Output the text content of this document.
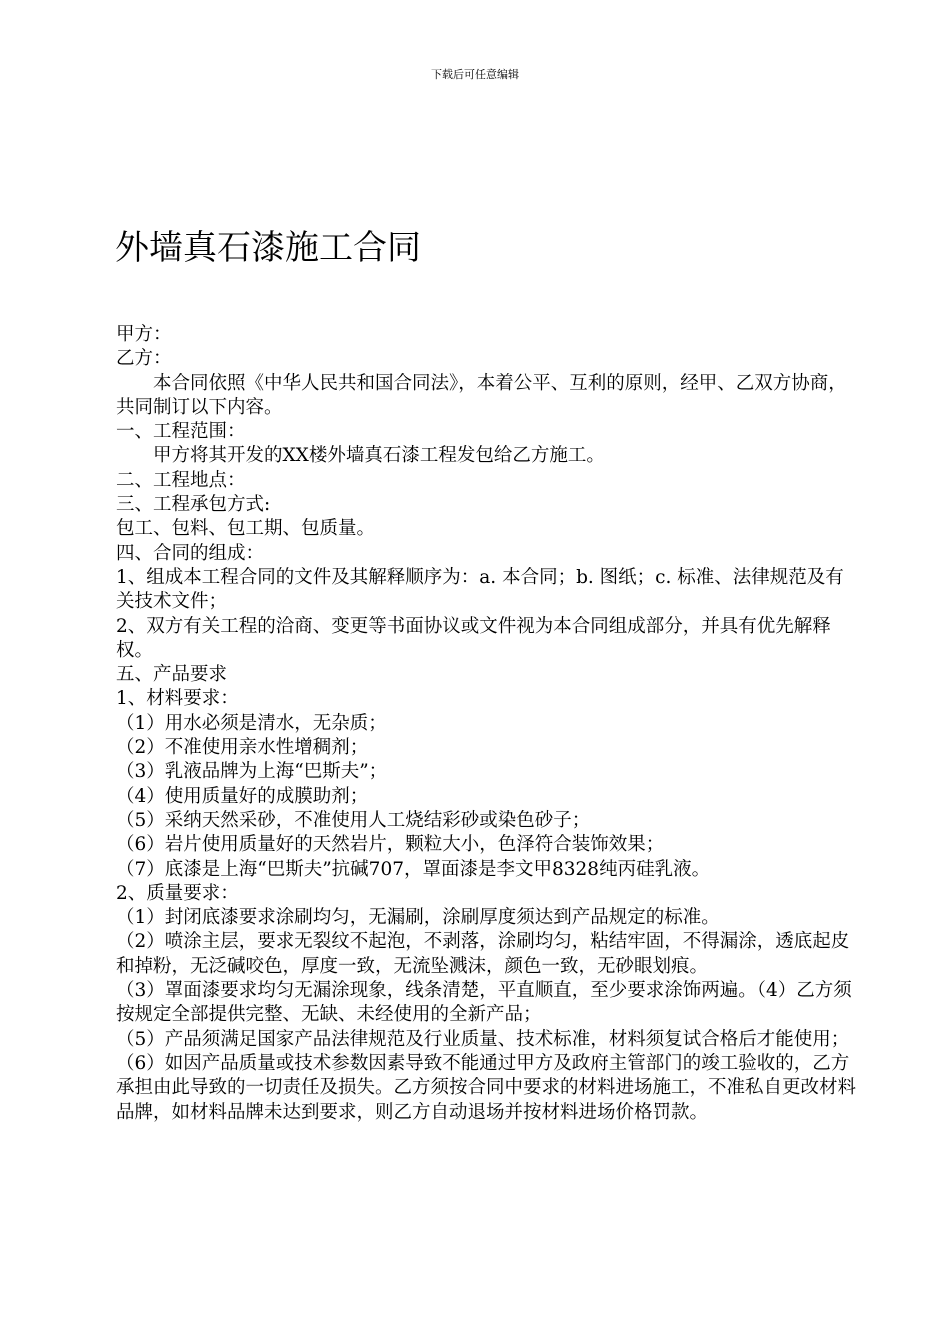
下载后可任意编辑
外墙真石漆施工合同

甲方：

乙方：

本合同依照《中华人民共和国合同法》，本着公平、互利的原则，经甲、乙双方协商，共同制订以下内容。

一、工程范围：

甲方将其开发的XX楼外墙真石漆工程发包给乙方施工。

二、工程地点：

三、工程承包方式:

包工、包料、包工期、包质量。

四、合同的组成：

1、组成本工程合同的文件及其解释顺序为：a. 本合同；b. 图纸；c. 标准、法律规范及有关技术文件；

2、双方有关工程的洽商、变更等书面协议或文件视为本合同组成部分，并具有优先解释权。

五、产品要求

1、材料要求：

（1）用水必须是清水，无杂质；

（2）不准使用亲水性增稠剂；

（3）乳液品牌为上海“巴斯夫”；

（4）使用质量好的成膜助剂；

（5）采纳天然采砂，不准使用人工烧结彩砂或染色砂子；

（6）岩片使用质量好的天然岩片，颗粒大小，色泽符合装饰效果；

（7）底漆是上海“巴斯夫”抗碱707，罩面漆是李文甲8328纯丙硅乳液。

2、质量要求：

（1）封闭底漆要求涂刷均匀，无漏刷，涂刷厚度须达到产品规定的标准。

（2）喷涂主层，要求无裂纹不起泡，不剥落，涂刷均匀，粘结牢固，不得漏涂，透底起皮和掉粉，无泛碱咬色，厚度一致，无流坠溅沫，颜色一致，无砂眼划痕。

（3）罩面漆要求均匀无漏涂现象，线条清楚，平直顺直，至少要求涂饰两遍。（4）乙方须按规定全部提供完整、无缺、未经使用的全新产品；

（5）产品须满足国家产品法律规范及行业质量、技术标准，材料须复试合格后才能使用；

（6）如因产品质量或技术参数因素导致不能通过甲方及政府主管部门的竣工验收的，乙方承担由此导致的一切责任及损失。乙方须按合同中要求的材料进场施工，不准私自更改材料品牌，如材料品牌未达到要求，则乙方自动退场并按材料进场价格罚款。
